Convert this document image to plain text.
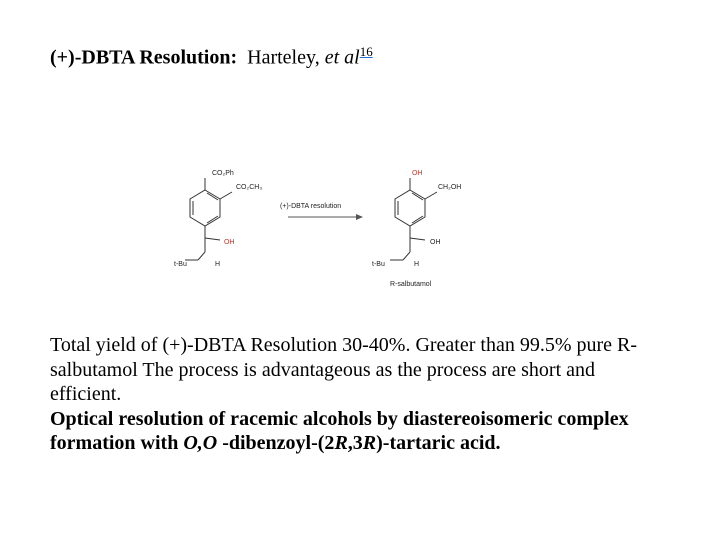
(+)-DBTA Resolution: Harteley, et al$^{16}$
CO₂Ph
CO₂CH₃
OH
t-Bu	H
(+)-DBTA resolution
OH
CH₂OH
OH
t-Bu	H
R-salbutamol
Total yield of (+)-DBTA Resolution 30-40%. Greater than 99.5% pure R-salbutamol The process is advantageous as the process are short and efficient.
Optical resolution of racemic alcohols by diastereoisomeric complex formation with O,O -dibenzoyl-(2R,3R)-tartaric acid.
